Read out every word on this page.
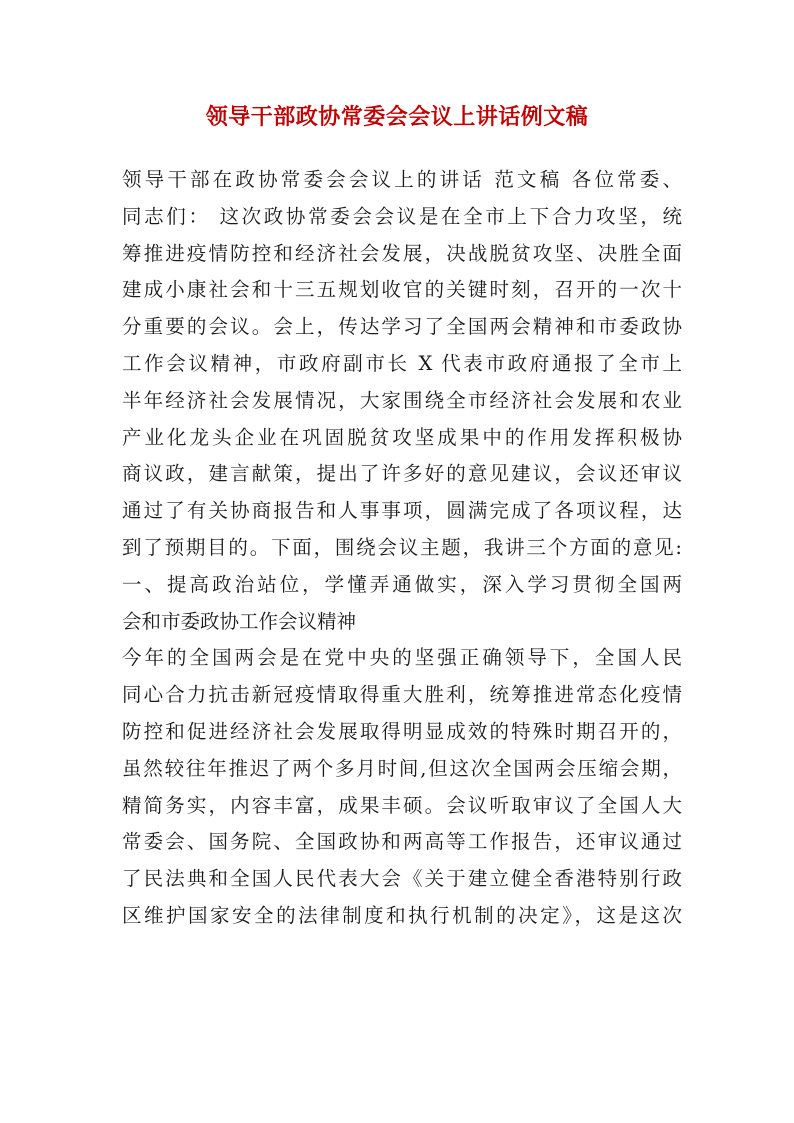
领导干部政协常委会会议上讲话例文稿
领导干部在政协常委会会议上的讲话 范文稿 各位常委、
同志们： 这次政协常委会会议是在全市上下合力攻坚，统
筹推进疫情防控和经济社会发展，决战脱贫攻坚、决胜全面
建成小康社会和十三五规划收官的关键时刻，召开的一次十
分重要的会议。会上，传达学习了全国两会精神和市委政协
工作会议精神，市政府副市长 X 代表市政府通报了全市上
半年经济社会发展情况，大家围绕全市经济社会发展和农业
产业化龙头企业在巩固脱贫攻坚成果中的作用发挥积极协
商议政，建言献策，提出了许多好的意见建议，会议还审议
通过了有关协商报告和人事事项，圆满完成了各项议程，达
到了预期目的。下面，围绕会议主题，我讲三个方面的意见:
一、提高政治站位，学懂弄通做实，深入学习贯彻全国两
会和市委政协工作会议精神
今年的全国两会是在党中央的坚强正确领导下，全国人民
同心合力抗击新冠疫情取得重大胜利，统筹推进常态化疫情
防控和促进经济社会发展取得明显成效的特殊时期召开的，
虽然较往年推迟了两个多月时间,但这次全国两会压缩会期，
精简务实，内容丰富，成果丰硕。会议听取审议了全国人大
常委会、国务院、全国政协和两高等工作报告，还审议通过
了民法典和全国人民代表大会《关于建立健全香港特别行政
区维护国家安全的法律制度和执行机制的决定》，这是这次
